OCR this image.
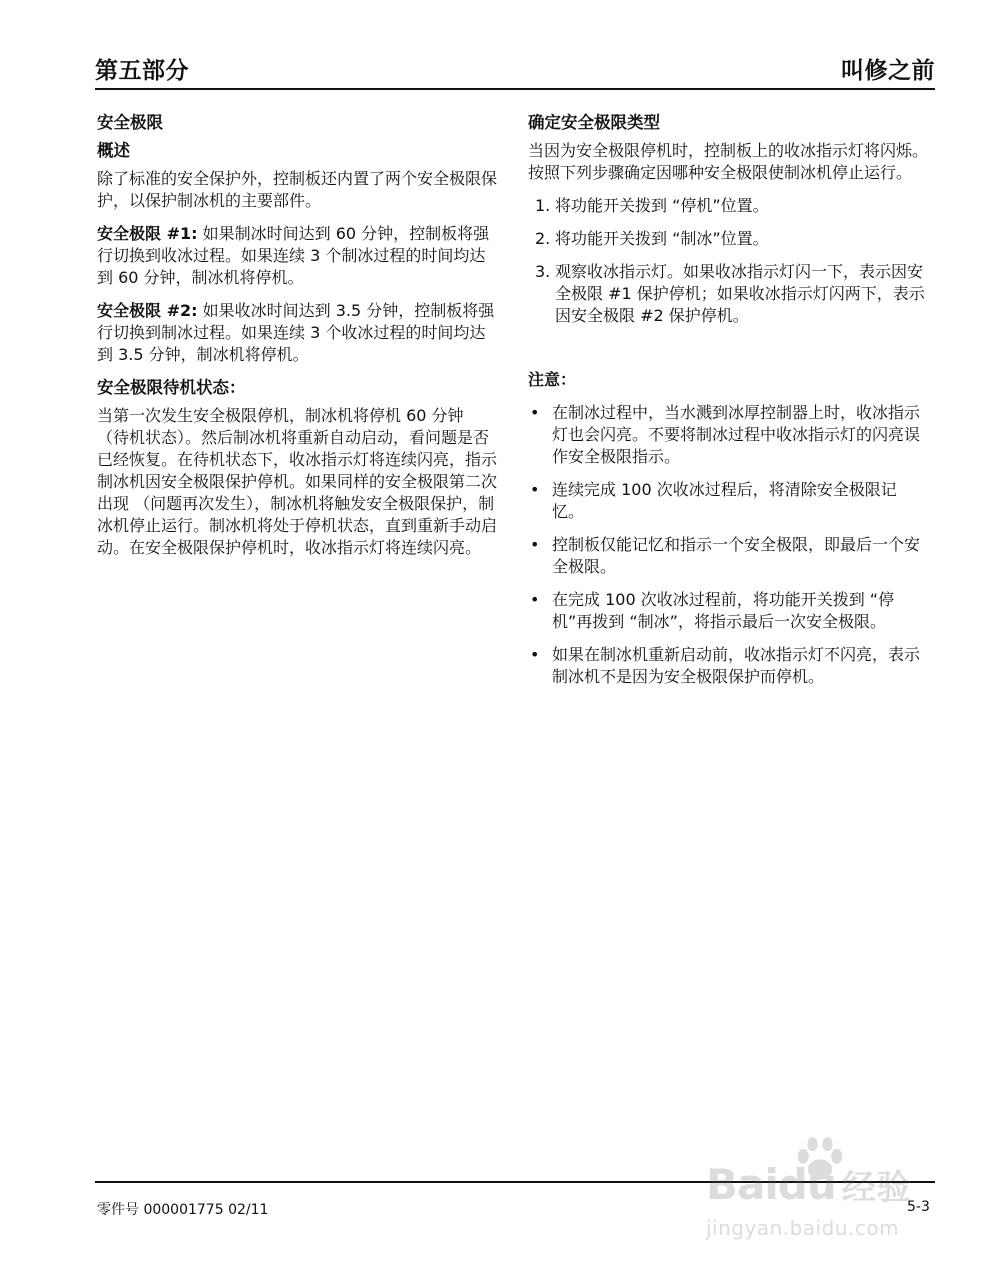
第五部分	叫修之前
安全极限
概述
除了标准的安全保护外，控制板还内置了两个安全极限保护，以保护制冰机的主要部件。
安全极限 #1: 如果制冰时间达到 60 分钟，控制板将强行切换到收冰过程。如果连续 3 个制冰过程的时间均达到 60 分钟，制冰机将停机。
安全极限 #2: 如果收冰时间达到 3.5 分钟，控制板将强行切换到制冰过程。如果连续 3 个收冰过程的时间均达到 3.5 分钟，制冰机将停机。
安全极限待机状态：
当第一次发生安全极限停机，制冰机将停机 60 分钟 （待机状态）。然后制冰机将重新自动启动，看问题是否已经恢复。在待机状态下，收冰指示灯将连续闪亮，指示制冰机因安全极限保护停机。如果同样的安全极限第二次出现 （问题再次发生），制冰机将触发安全极限保护，制冰机停止运行。制冰机将处于停机状态，直到重新手动启动。在安全极限保护停机时，收冰指示灯将连续闪亮。
确定安全极限类型
当因为安全极限停机时，控制板上的收冰指示灯将闪烁。按照下列步骤确定因哪种安全极限使制冰机停止运行。
1. 将功能开关拨到 “停机”位置。
2. 将功能开关拨到 “制冰”位置。
3. 观察收冰指示灯。如果收冰指示灯闪一下，表示因安全极限 #1 保护停机；如果收冰指示灯闪两下，表示因安全极限 #2 保护停机。
注意：
• 在制冰过程中，当水溅到冰厚控制器上时，收冰指示灯也会闪亮。不要将制冰过程中收冰指示灯的闪亮误作安全极限指示。
• 连续完成 100 次收冰过程后，将清除安全极限记忆。
• 控制板仅能记忆和指示一个安全极限，即最后一个安全极限。
• 在完成 100 次收冰过程前，将功能开关拨到 “停机”再拨到 “制冰”，将指示最后一次安全极限。
• 如果在制冰机重新启动前，收冰指示灯不闪亮，表示制冰机不是因为安全极限保护而停机。
零件号 000001775 02/11	5-3
Baidu 经验
jingyan.baidu.com
